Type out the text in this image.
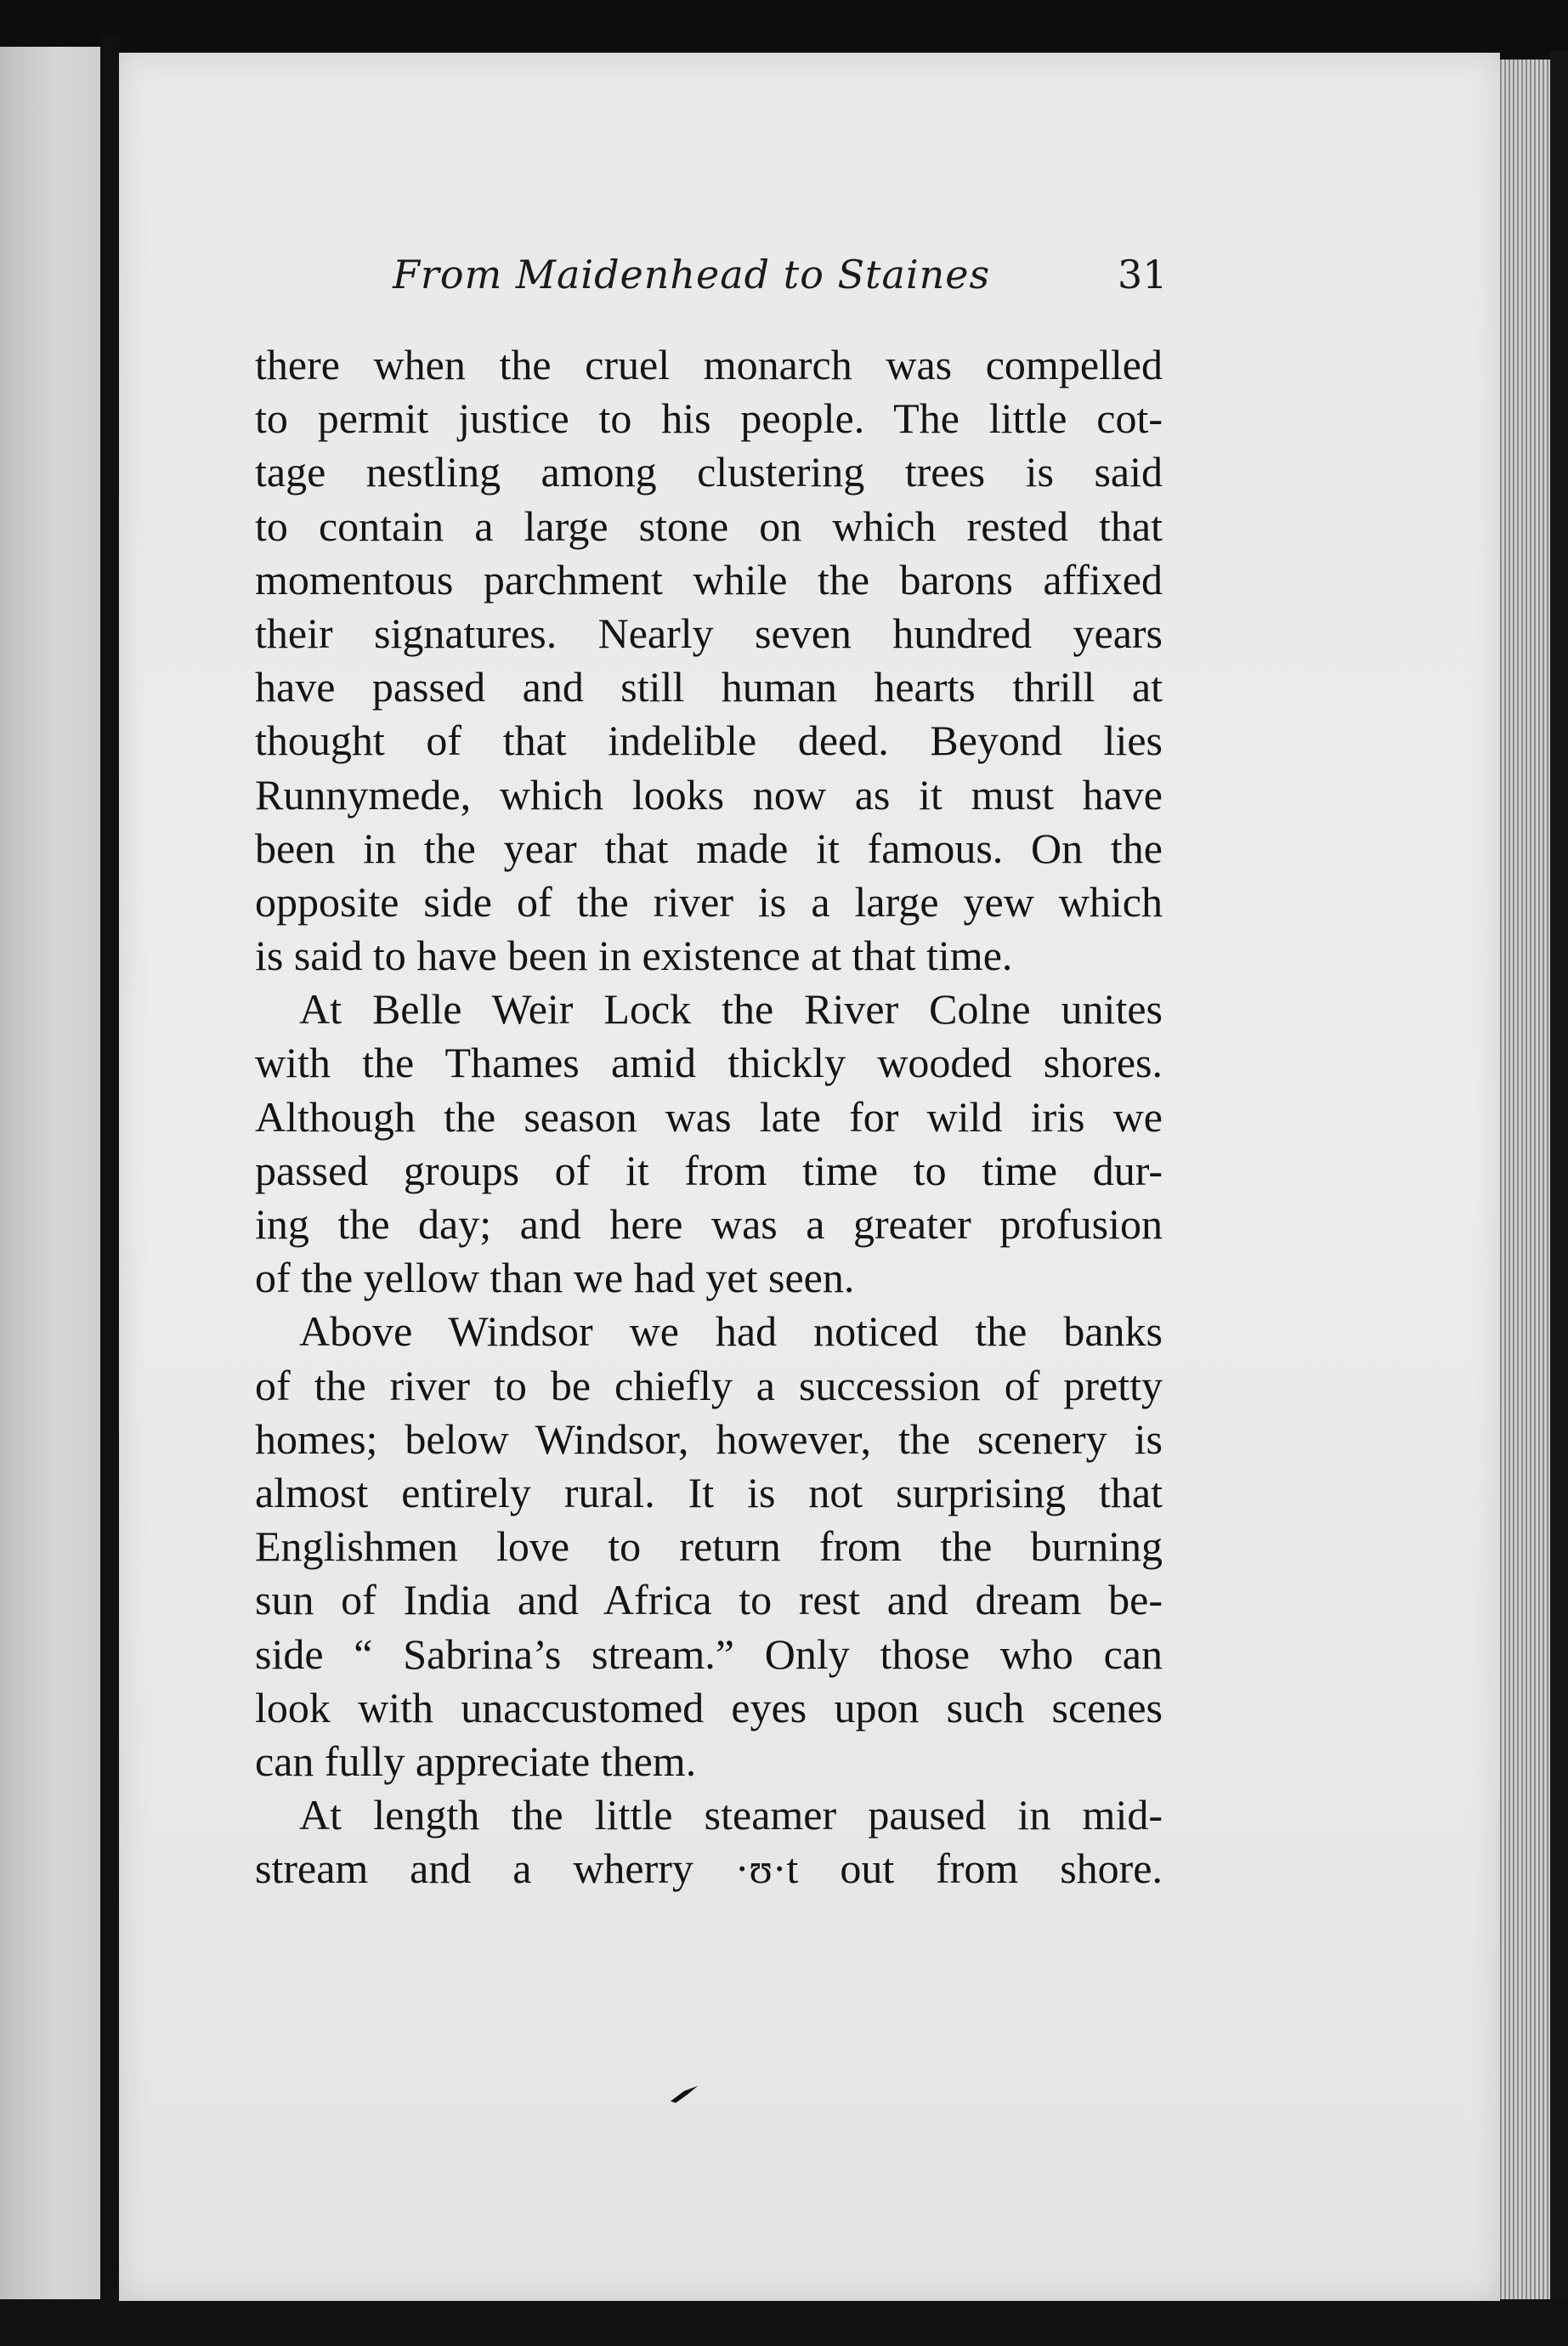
From Maidenhead to Staines	31
there when the cruel monarch was compelled
to permit justice to his people. The little cot-
tage nestling among clustering trees is said
to contain a large stone on which rested that
momentous parchment while the barons affixed
their signatures. Nearly seven hundred years
have passed and still human hearts thrill at
thought of that indelible deed. Beyond lies
Runnymede, which looks now as it must have
been in the year that made it famous. On the
opposite side of the river is a large yew which
is said to have been in existence at that time.
At Belle Weir Lock the River Colne unites
with the Thames amid thickly wooded shores.
Although the season was late for wild iris we
passed groups of it from time to time dur-
ing the day; and here was a greater profusion
of the yellow than we had yet seen.
Above Windsor we had noticed the banks
of the river to be chiefly a succession of pretty
homes; below Windsor, however, the scenery is
almost entirely rural. It is not surprising that
Englishmen love to return from the burning
sun of India and Africa to rest and dream be-
side “ Sabrina’s stream.” Only those who can
look with unaccustomed eyes upon such scenes
can fully appreciate them.
At length the little steamer paused in mid-
stream and a wherry ·ʊ·t out from shore.
